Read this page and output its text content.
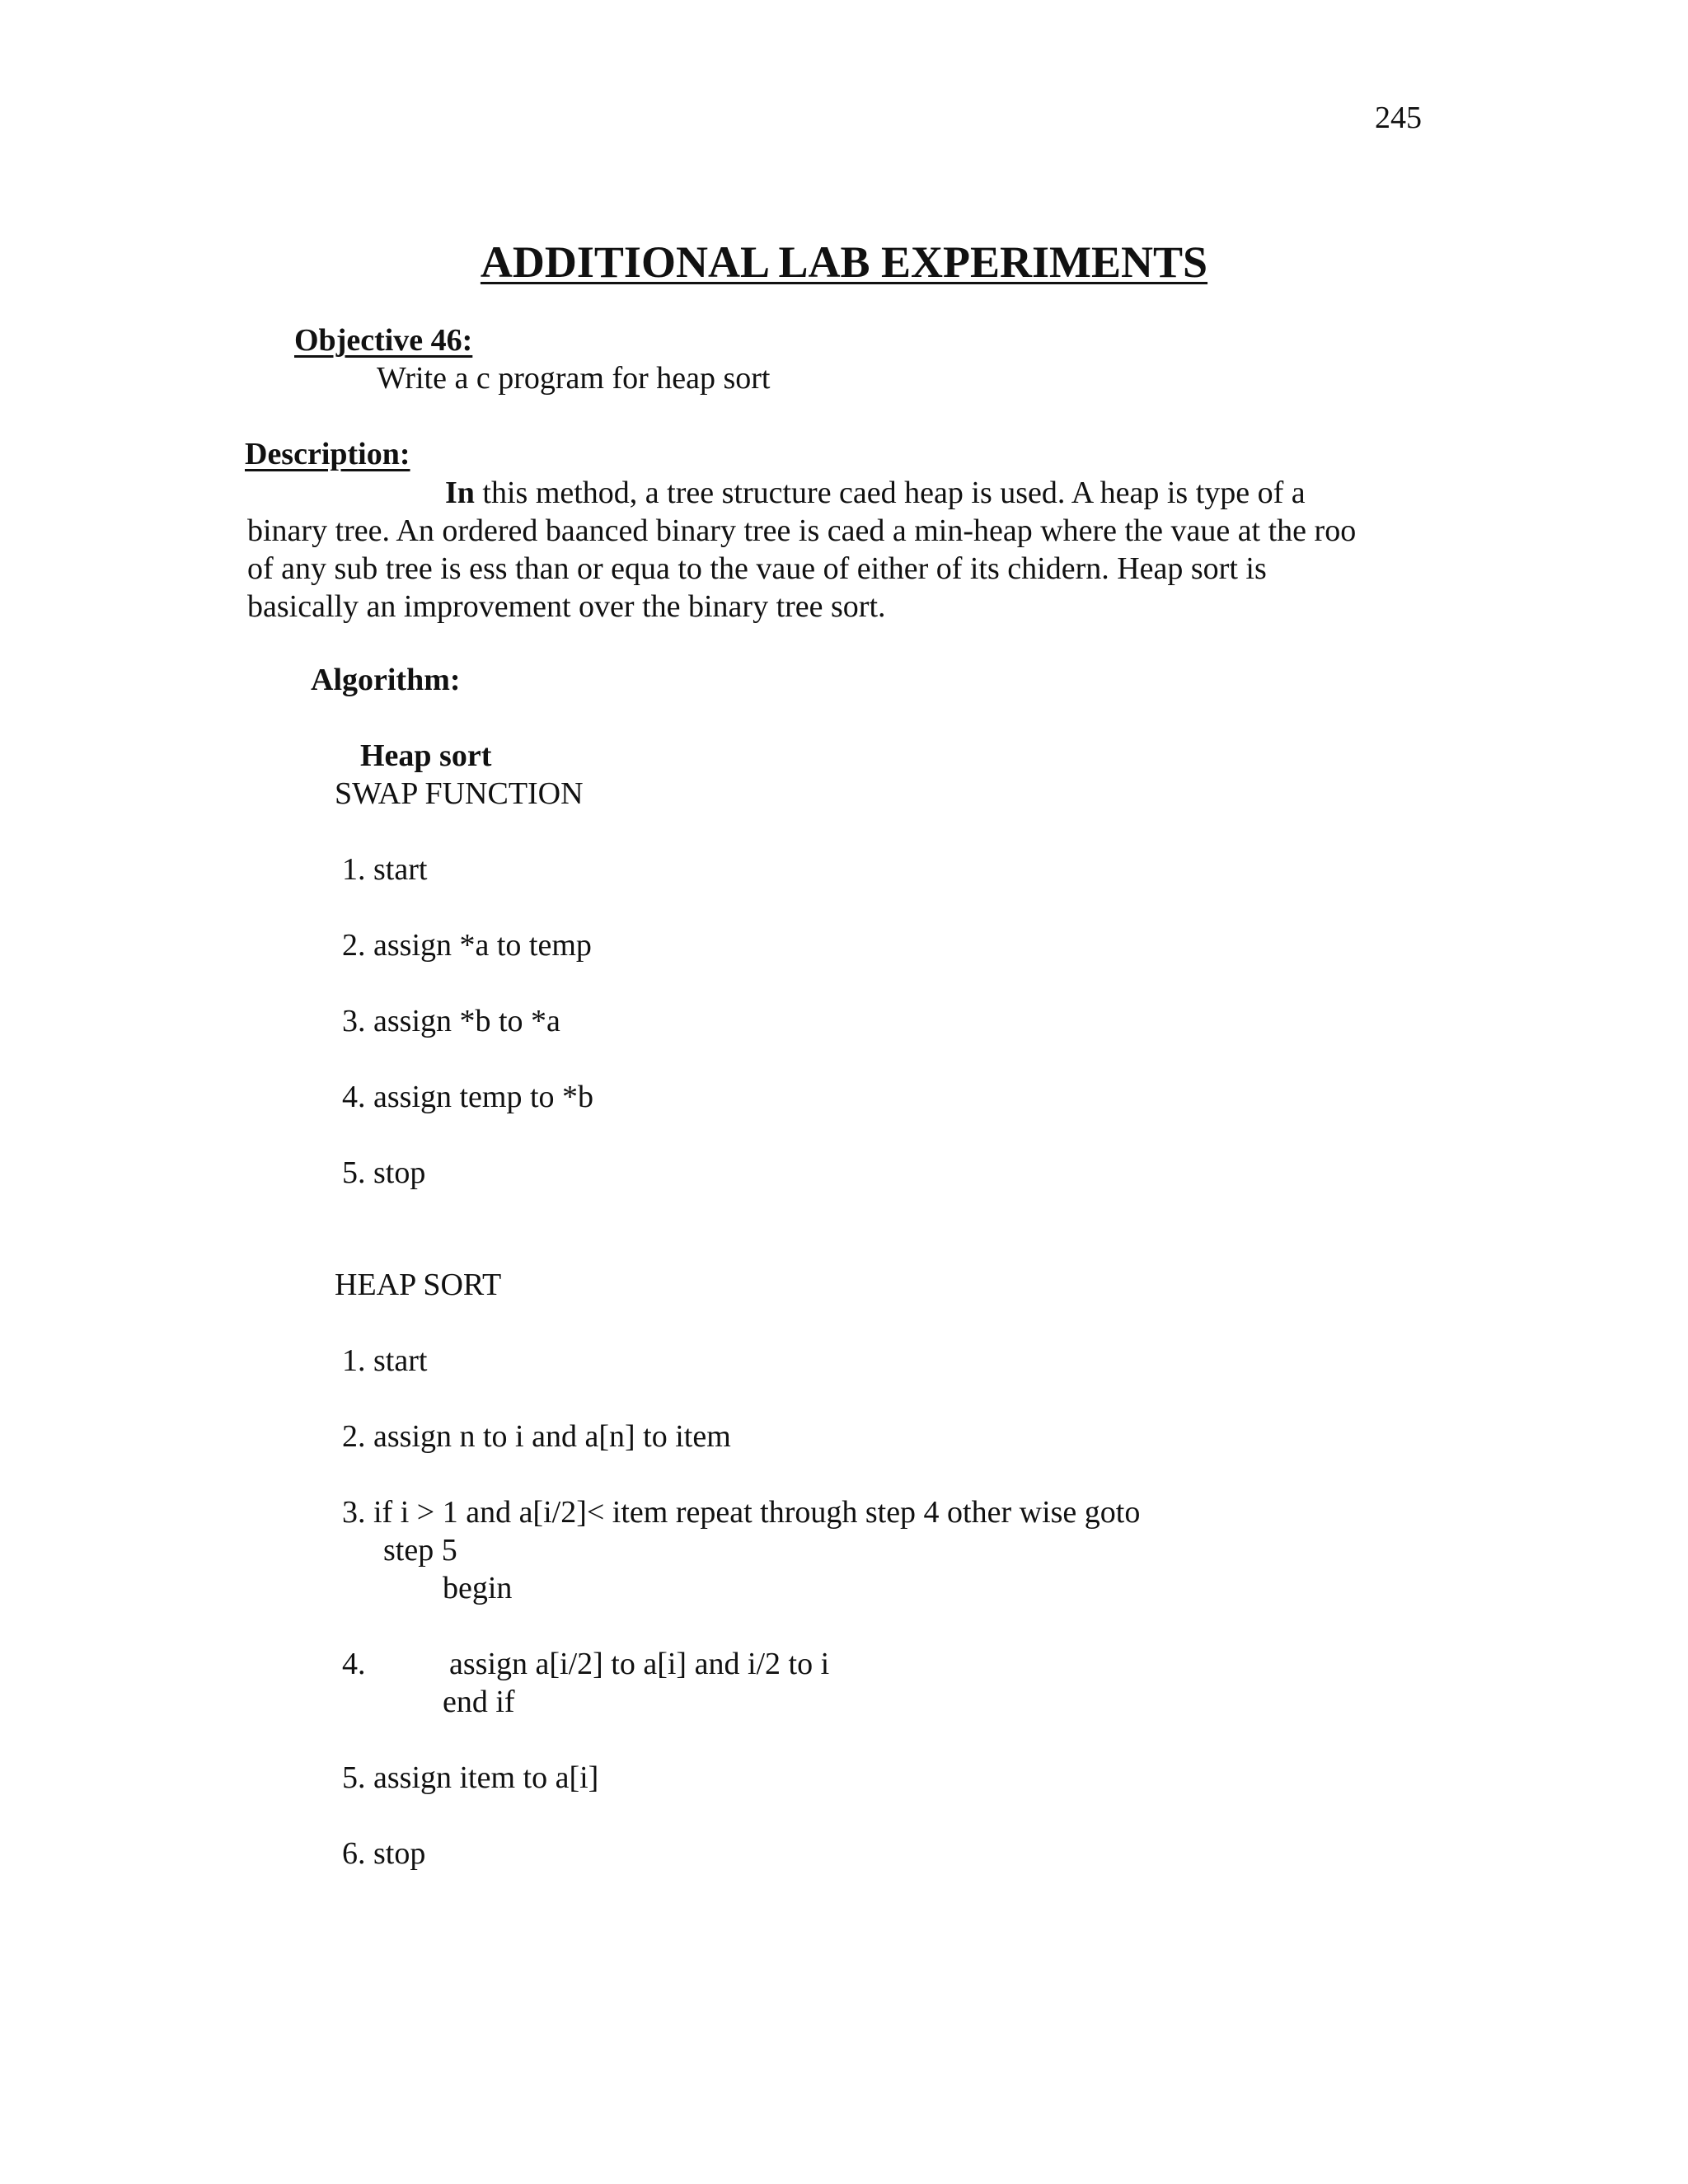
245
ADDITIONAL LAB EXPERIMENTS
Objective 46:
Write a c program for heap sort
Description:
In this method, a tree structure caed heap is used. A heap is type of a
binary tree. An ordered baanced binary tree is caed a min-heap where the vaue at the roo
of any sub tree is ess than or equa to the vaue of either of its chidern. Heap sort is
basically an improvement over the binary tree sort.
Algorithm:
Heap sort
SWAP FUNCTION
1. start
2. assign *a to temp
3. assign *b to *a
4. assign temp to *b
5. stop
HEAP SORT
1. start
2. assign n to i and a[n] to item
3. if i > 1 and a[i/2]< item repeat through step 4 other wise goto
step 5
begin
4.	assign a[i/2] to a[i] and i/2 to i
end if
5. assign item to a[i]
6. stop
